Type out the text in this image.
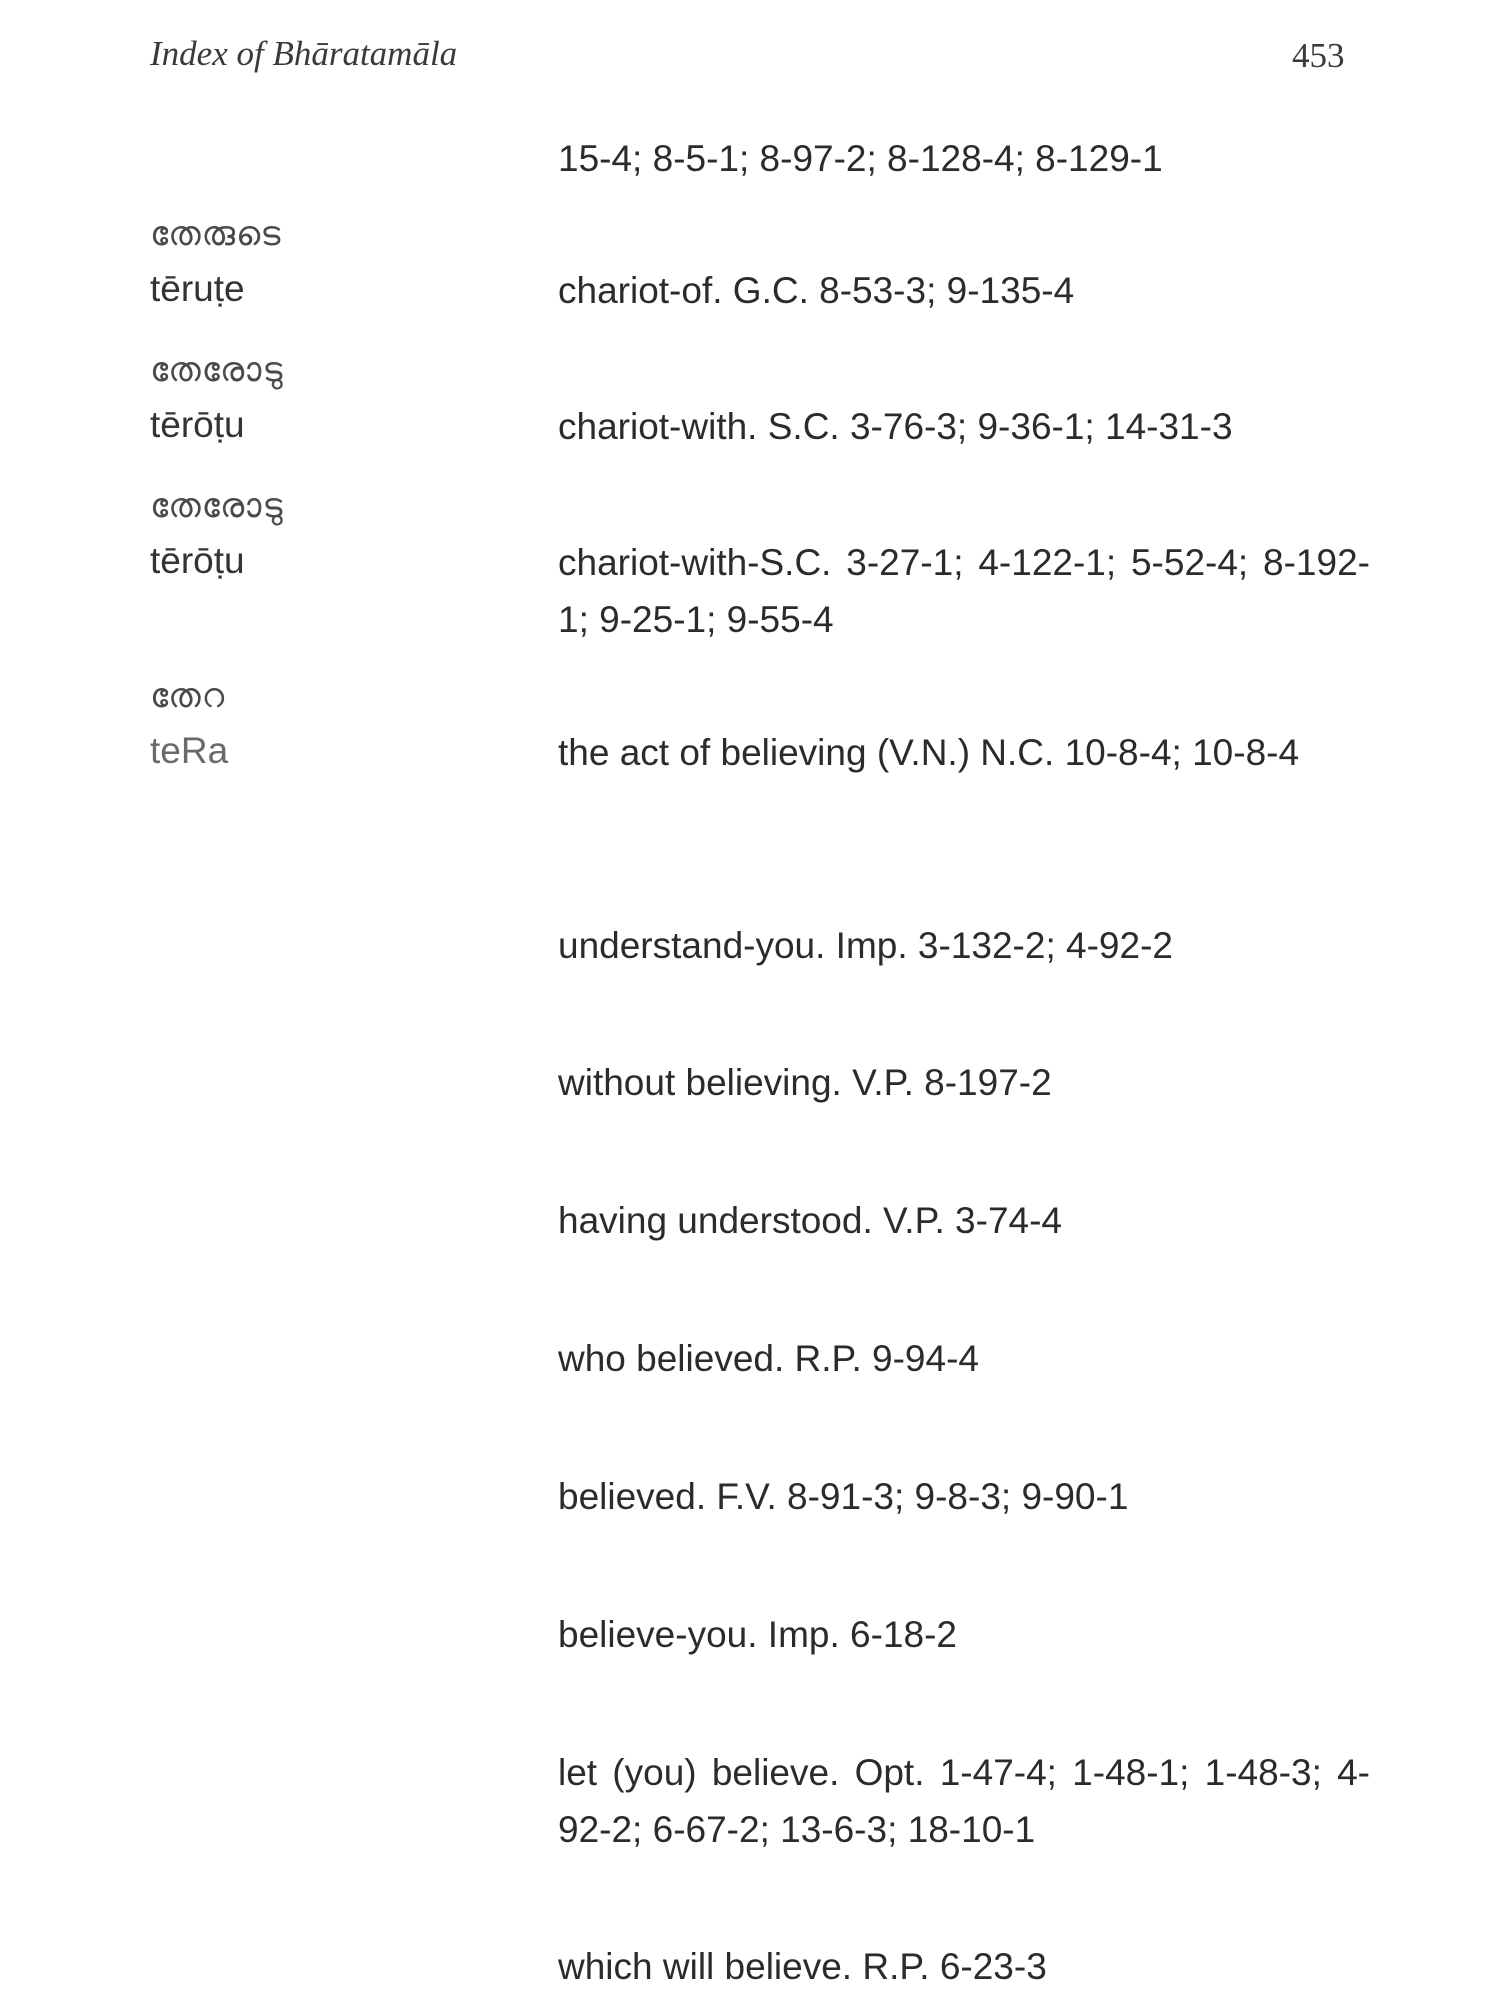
Index of Bhāratamāla	453
15-4; 8-5-1; 8-97-2; 8-128-4; 8-129-1
തേരുടെ
tēruṭe	chariot-of. G.C. 8-53-3; 9-135-4
തേരോടു
tērōṭu	chariot-with. S.C. 3-76-3; 9-36-1; 14-31-3
തേരോടു
tērōṭu	chariot-with-S.C. 3-27-1; 4-122-1; 5-52-4; 8-192-1; 9-25-1; 9-55-4
തേറ
teRa	the act of believing (V.N.) N.C. 10-8-4; 10-8-4
understand-you. Imp. 3-132-2; 4-92-2
without believing. V.P. 8-197-2
having understood. V.P. 3-74-4
who believed. R.P. 9-94-4
believed. F.V. 8-91-3; 9-8-3; 9-90-1
believe-you. Imp. 6-18-2
let (you) believe. Opt. 1-47-4; 1-48-1; 1-48-3; 4-92-2; 6-67-2; 13-6-3; 18-10-1
which will believe. R.P. 6-23-3
